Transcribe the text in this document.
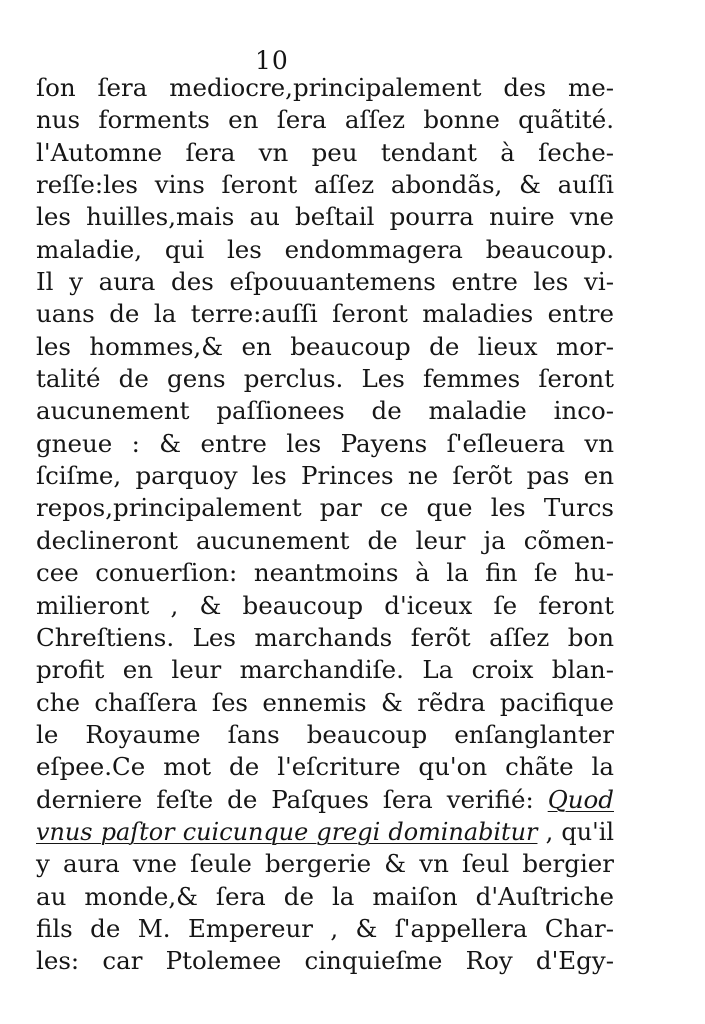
10
ſon ſera mediocre,principalement des me-
nus forments en ſera aſſez bonne quãtité.
l'Automne ſera vn peu tendant à ſeche-
reſſe:les vins ſeront aſſez abondãs, & auſſi
les huilles,mais au beſtail pourra nuire vne
maladie, qui les endommagera beaucoup.
Il y aura des eſpouuantemens entre les vi-
uans de la terre:auſſi ſeront maladies entre
les hommes,& en beaucoup de lieux mor-
talité de gens perclus. Les femmes ſeront
aucunement paſſionees de maladie inco-
gneue : & entre les Payens ſ'eſleuera vn
ſciſme, parquoy les Princes ne ſerõt pas en
repos,principalement par ce que les Turcs
declineront aucunement de leur ja cõmen-
cee conuerſion: neantmoins à la fin ſe hu-
milieront , & beaucoup d'iceux ſe feront
Chreſtiens. Les marchands ferõt aſſez bon
profit en leur marchandiſe. La croix blan-
che chaſſera ſes ennemis & rẽdra pacifique
le Royaume ſans beaucoup enſanglanter
eſpee.Ce mot de l'eſcriture qu'on chãte la
derniere feſte de Paſques ſera verifié: Quod
vnus paſtor cuicunque gregi dominabitur , qu'il
y aura vne ſeule bergerie & vn ſeul bergier
au monde,& ſera de la maiſon d'Auſtriche
fils de M. Empereur , & ſ'appellera Char-
les: car Ptolemee cinquieſme Roy d'Egy-
